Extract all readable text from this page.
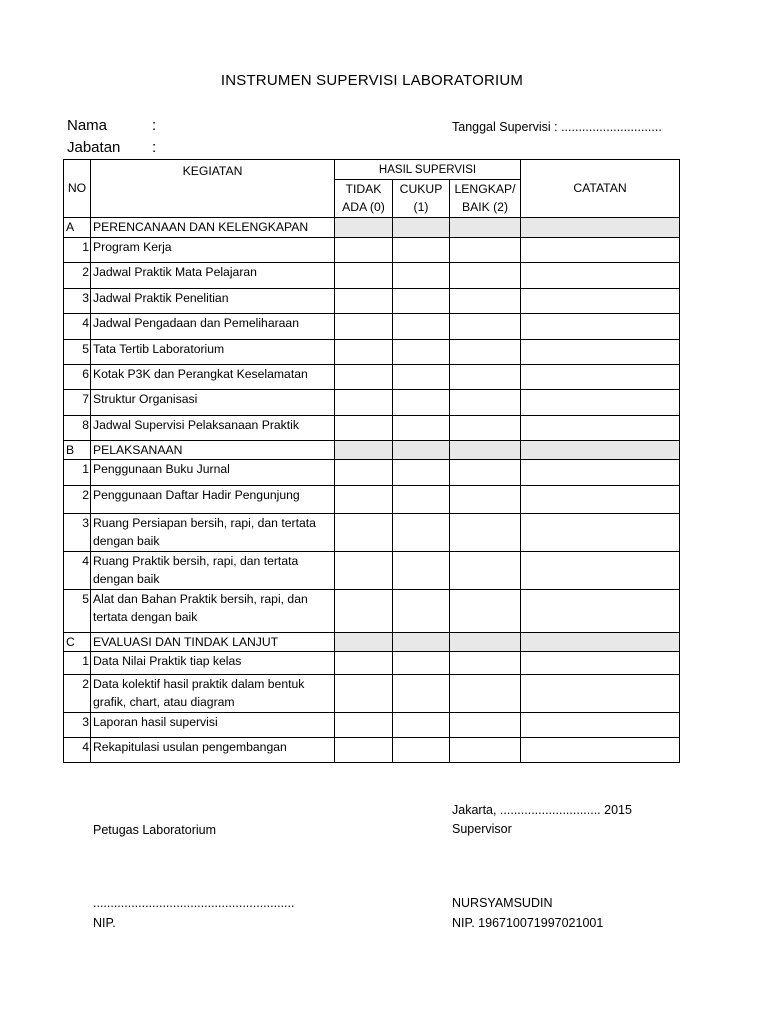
INSTRUMEN SUPERVISI LABORATORIUM
Nama	:
Jabatan :
Tanggal Supervisi : .............................
NO	KEGIATAN	HASIL SUPERVISI			CATATAN
		TIDAK	CUKUP	LENGKAP/	
		ADA (0)	(1)	BAIK (2)	
A	PERENCANAAN DAN KELENGKAPAN				
1	Program Kerja				
2	Jadwal Praktik Mata Pelajaran				
3	Jadwal Praktik Penelitian				
4	Jadwal Pengadaan dan Pemeliharaan				
5	Tata Tertib Laboratorium				
6	Kotak P3K dan Perangkat Keselamatan				
7	Struktur Organisasi				
8	Jadwal Supervisi Pelaksanaan Praktik				
B	PELAKSANAAN				
1	Penggunaan Buku Jurnal				
2	Penggunaan Daftar Hadir Pengunjung				
3	Ruang Persiapan bersih, rapi, dan tertata dengan baik				
4	Ruang Praktik bersih, rapi, dan tertata dengan baik				
5	Alat dan Bahan Praktik bersih, rapi, dan tertata dengan baik				
C	EVALUASI DAN TINDAK LANJUT				
1	Data Nilai Praktik tiap kelas				
2	Data kolektif hasil praktik dalam bentuk grafik, chart, atau diagram				
3	Laporan hasil supervisi				
4	Rekapitulasi usulan pengembangan				
Jakarta, ............................. 2015
Supervisor
Petugas Laboratorium
..........................................................
NIP.
NURSYAMSUDIN
NIP. 196710071997021001
